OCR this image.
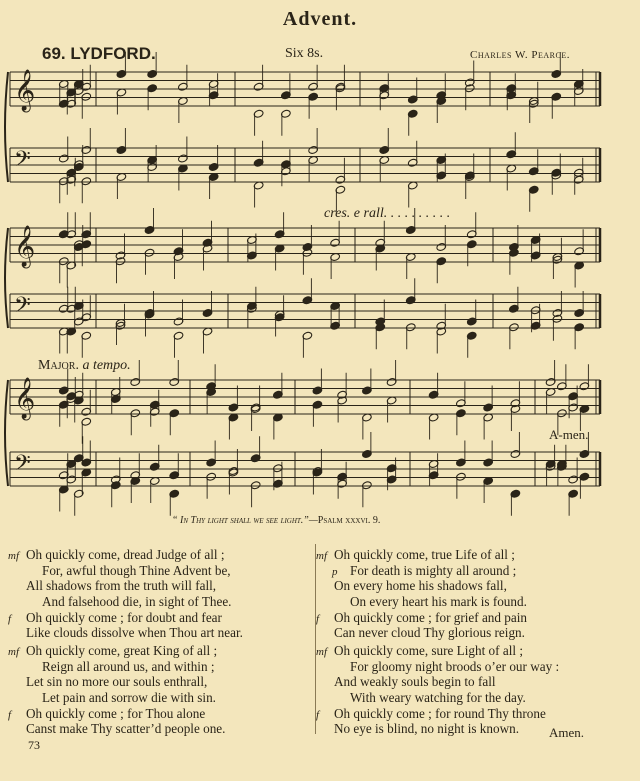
Advent.
69. LYDFORD.	Six 8s.	Charles W. Pearce.
𝄞
𝄢
𝄞
𝄢
𝄞
𝄢
cres. e rall. . . . . . . . . .
Major. a tempo.
A-men.
“ In Thy light shall we see light.”—Psalm xxxvi. 9.
mf Oh quickly come, dread Judge of all ;
For, awful though Thine Advent be,
All shadows from the truth will fall,
And falsehood die, in sight of Thee.
f Oh quickly come ; for doubt and fear
Like clouds dissolve when Thou art near.
mf Oh quickly come, great King of all ;
Reign all around us, and within ;
Let sin no more our souls enthrall,
Let pain and sorrow die with sin.
f Oh quickly come ; for Thou alone
Canst make Thy scatter’d people one.
mf Oh quickly come, true Life of all ;
p For death is mighty all around ;
On every home his shadows fall,
On every heart his mark is found.
f Oh quickly come ; for grief and pain
Can never cloud Thy glorious reign.
mf Oh quickly come, sure Light of all ;
For gloomy night broods o’er our way :
And weakly souls begin to fall
With weary watching for the day.
f Oh quickly come ; for round Thy throne
No eye is blind, no night is known.	Amen.
73
